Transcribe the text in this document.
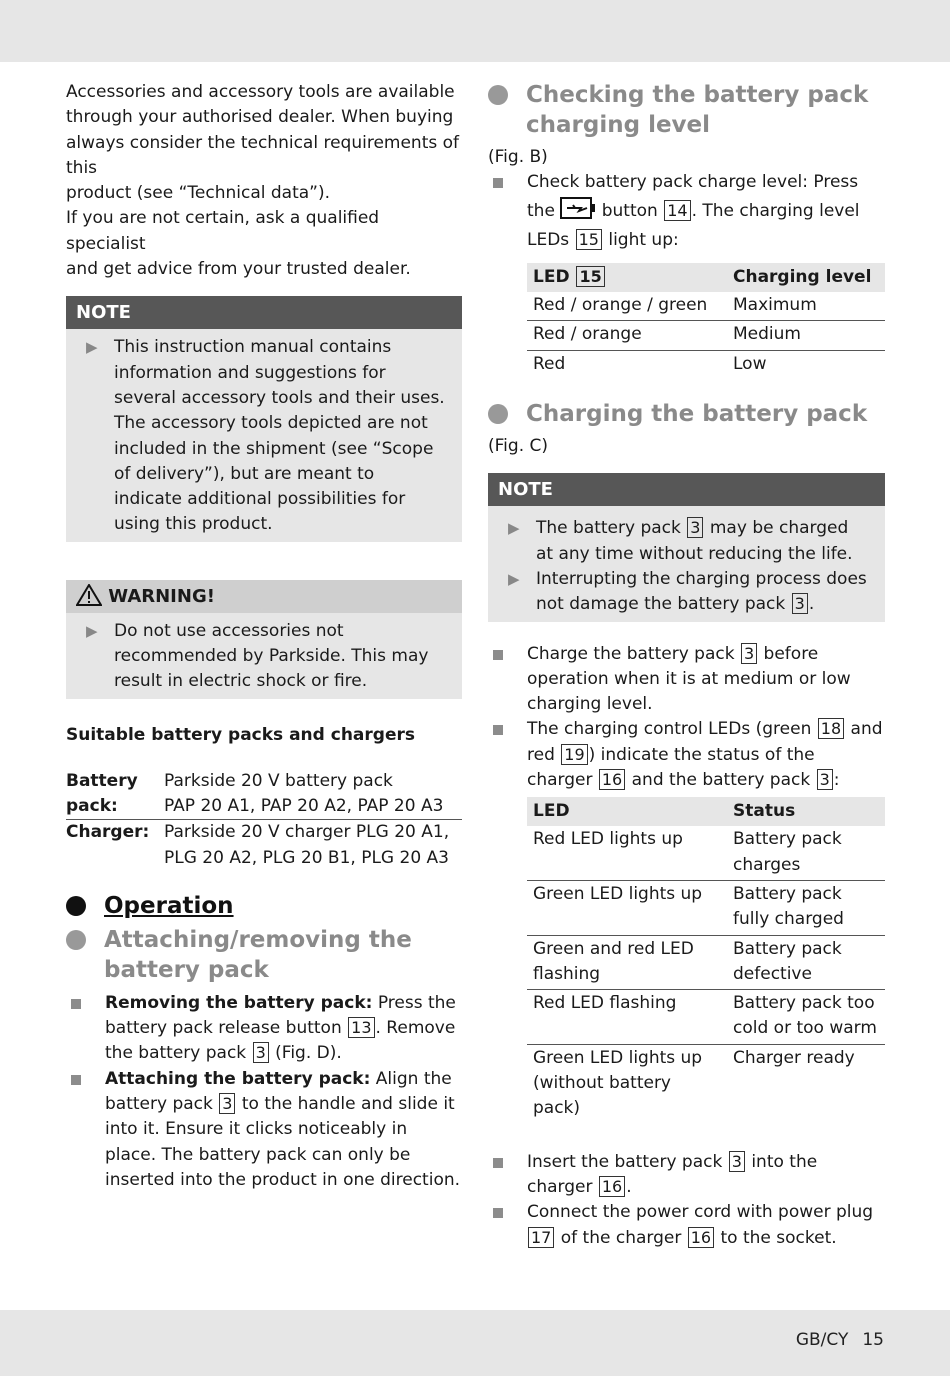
Accessories and accessory tools are available

through your authorised dealer. When buying

always consider the technical requirements of this

product (see “Technical data”).

If you are not certain, ask a qualified specialist

and get advice from your trusted dealer.

NOTE
▶ This instruction manual contains information and suggestions for several accessory tools and their uses. The accessory tools depicted are not included in the shipment (see “Scope of delivery”), but are meant to indicate additional possibilities for using this product.
WARNING!
▶ Do not use accessories not recommended by Parkside. This may result in electric shock or fire.
Suitable battery packs and chargers
Battery pack:
Parkside 20 V battery pack
PAP 20 A1, PAP 20 A2, PAP 20 A3
Charger: Parkside 20 V charger PLG 20 A1,
PLG 20 A2, PLG 20 B1, PLG 20 A3
Operation
Attaching/removing the battery pack
Removing the battery pack: Press the battery pack release button 13 . Remove the battery pack 3 (Fig. D).
Attaching the battery pack: Align the battery pack 3 to the handle and slide it into it. Ensure it clicks noticeably in place. The battery pack can only be inserted into the product in one direction.
Checking the battery pack charging level

(Fig. B)

Check battery pack charge level: Press the  button 14 . The charging level LEDs 15 light up:
LED 15	Charging level
Red / orange / green	Maximum
Red / orange	Medium
Red	Low
Charging the battery pack

(Fig. C)

NOTE
▶ The battery pack 3 may be charged at any time without reducing the life.
▶ Interrupting the charging process does not damage the battery pack 3 .
Charge the battery pack 3 before operation when it is at medium or low charging level.
The charging control LEDs (green 18 and red 19 ) indicate the status of the charger 16 and the battery pack 3 :
LED	Status
Red LED lights up	Battery pack charges
Green LED lights up	Battery pack fully charged
Green and red LED flashing	Battery pack defective
Red LED flashing	Battery pack too cold or too warm
Green LED lights up (without battery pack)	Charger ready
Insert the battery pack 3 into the charger 16 .
Connect the power cord with power plug 17 of the charger 16 to the socket.
GB/CY 15
